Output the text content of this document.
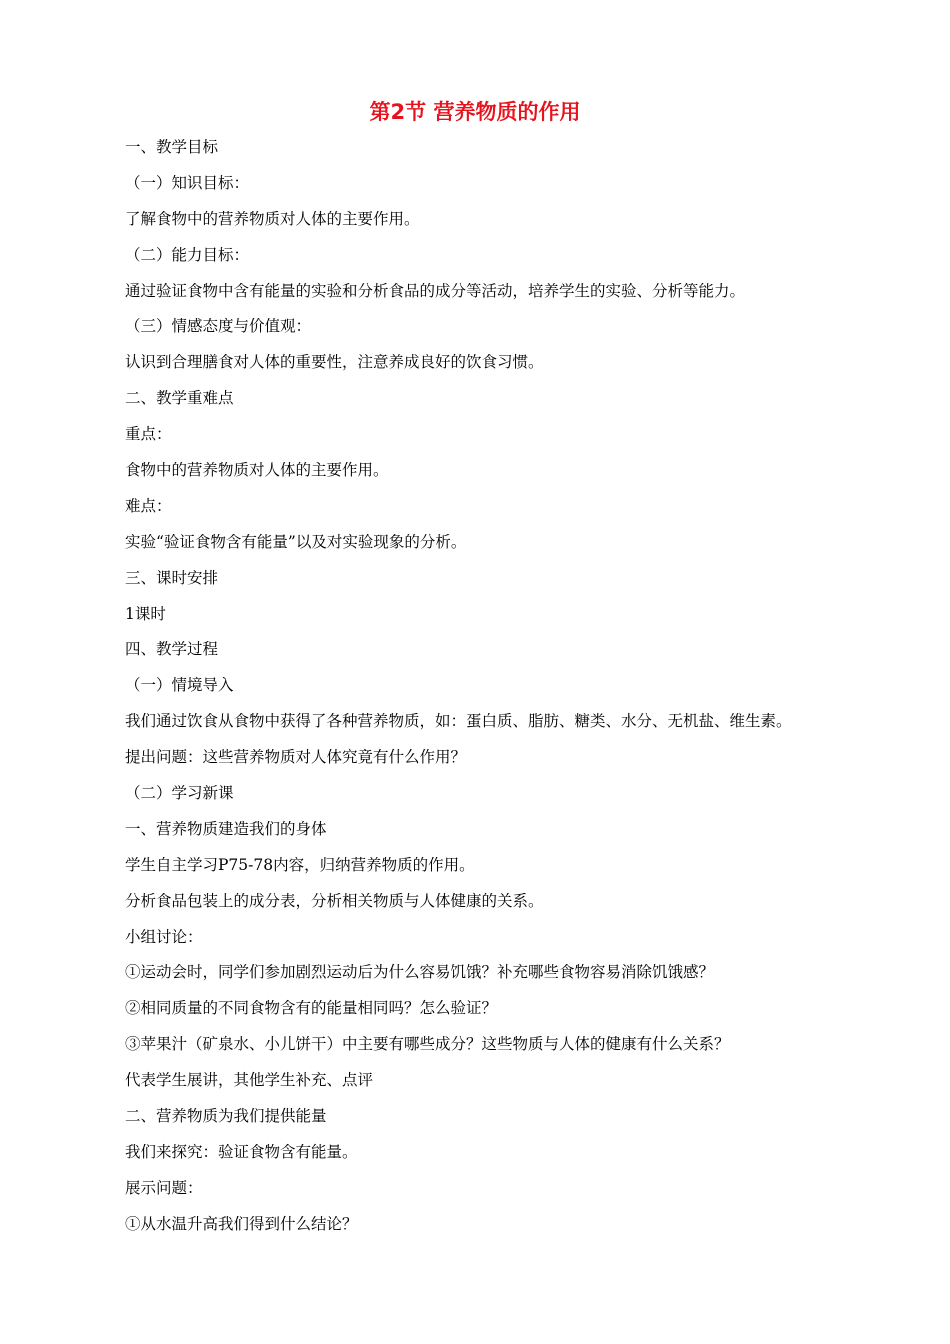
第2节 营养物质的作用

一、教学目标

（一）知识目标：

了解食物中的营养物质对人体的主要作用。

（二）能力目标：

通过验证食物中含有能量的实验和分析食品的成分等活动，培养学生的实验、分析等能力。

（三）情感态度与价值观：

认识到合理膳食对人体的重要性，注意养成良好的饮食习惯。

二、教学重难点

重点：

食物中的营养物质对人体的主要作用。

难点：

实验“验证食物含有能量”以及对实验现象的分析。

三、课时安排

1课时

四、教学过程

（一）情境导入

我们通过饮食从食物中获得了各种营养物质，如：蛋白质、脂肪、糖类、水分、无机盐、维生素。

提出问题：这些营养物质对人体究竟有什么作用？

（二）学习新课

一、营养物质建造我们的身体

学生自主学习P75-78内容，归纳营养物质的作用。

分析食品包装上的成分表，分析相关物质与人体健康的关系。

小组讨论：

①运动会时，同学们参加剧烈运动后为什么容易饥饿？补充哪些食物容易消除饥饿感？

②相同质量的不同食物含有的能量相同吗？怎么验证？

③苹果汁（矿泉水、小儿饼干）中主要有哪些成分？这些物质与人体的健康有什么关系？

代表学生展讲，其他学生补充、点评

二、营养物质为我们提供能量

我们来探究：验证食物含有能量。

展示问题：

①从水温升高我们得到什么结论？
